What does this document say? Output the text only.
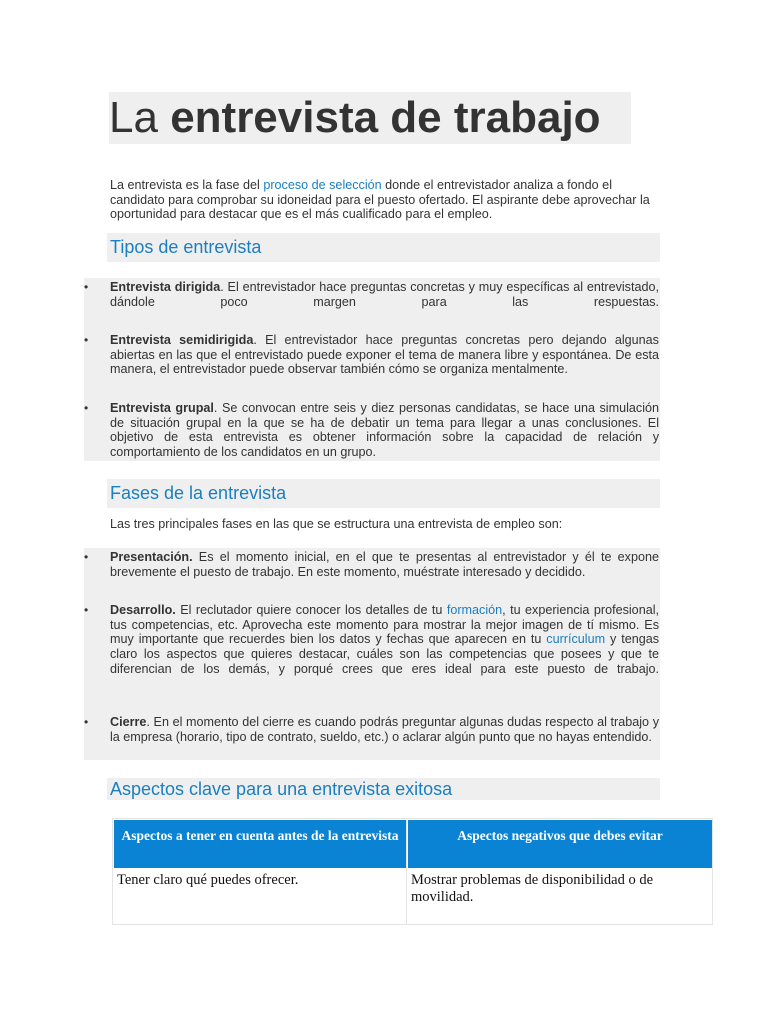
La entrevista de trabajo
La entrevista es la fase del proceso de selección donde el entrevistador analiza a fondo el candidato para comprobar su idoneidad para el puesto ofertado. El aspirante debe aprovechar la oportunidad para destacar que es el más cualificado para el empleo.
Tipos de entrevista
•	Entrevista dirigida. El entrevistador hace preguntas concretas y muy específicas al entrevistado, dándole poco margen para las respuestas.
•	Entrevista semidirigida. El entrevistador hace preguntas concretas pero dejando algunas abiertas en las que el entrevistado puede exponer el tema de manera libre y espontánea. De esta manera, el entrevistador puede observar también cómo se organiza mentalmente.
•	Entrevista grupal. Se convocan entre seis y diez personas candidatas, se hace una simulación de situación grupal en la que se ha de debatir un tema para llegar a unas conclusiones. El objetivo de esta entrevista es obtener información sobre la capacidad de relación y comportamiento de los candidatos en un grupo.
Fases de la entrevista
Las tres principales fases en las que se estructura una entrevista de empleo son:
•	Presentación. Es el momento inicial, en el que te presentas al entrevistador y él te expone brevemente el puesto de trabajo. En este momento, muéstrate interesado y decidido.
•	Desarrollo. El reclutador quiere conocer los detalles de tu formación, tu experiencia profesional, tus competencias, etc. Aprovecha este momento para mostrar la mejor imagen de tí mismo. Es muy importante que recuerdes bien los datos y fechas que aparecen en tu currículum y tengas claro los aspectos que quieres destacar, cuáles son las competencias que posees y que te diferencian de los demás, y porqué crees que eres ideal para este puesto de trabajo.
•	Cierre. En el momento del cierre es cuando podrás preguntar algunas dudas respecto al trabajo y la empresa (horario, tipo de contrato, sueldo, etc.) o aclarar algún punto que no hayas entendido.
Aspectos clave para una entrevista exitosa
Aspectos a tener en cuenta antes de la entrevista	Aspectos negativos que debes evitar
Tener claro qué puedes ofrecer.	Mostrar problemas de disponibilidad o de movilidad.
